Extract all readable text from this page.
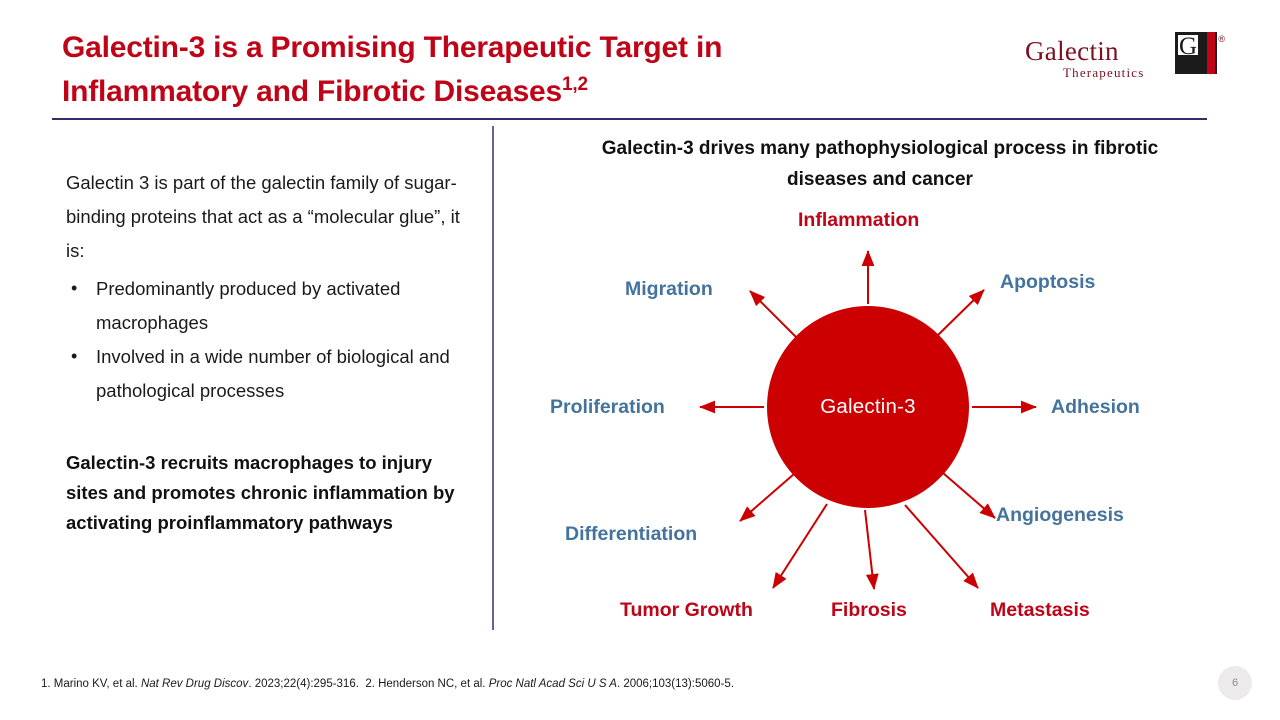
Galectin-3 is a Promising Therapeutic Target in
Inflammatory and Fibrotic Diseases$^{1,2}$
Galectin
Therapeutics
G ®
Galectin 3 is part of the galectin family of sugar-binding proteins that act as a “molecular glue”, it is:
• Predominantly produced by activated macrophages
• Involved in a wide number of biological and pathological processes
Galectin-3 recruits macrophages to injury sites and promotes chronic inflammation by activating proinflammatory pathways
Galectin-3 drives many pathophysiological process in fibrotic diseases and cancer
Galectin-3
Inflammation
Apoptosis
Adhesion
Angiogenesis
Metastasis
Fibrosis
Tumor Growth
Differentiation
Proliferation
Migration
1. Marino KV, et al. Nat Rev Drug Discov. 2023;22(4):295-316. 2. Henderson NC, et al. Proc Natl Acad Sci U S A. 2006;103(13):5060-5.	6
